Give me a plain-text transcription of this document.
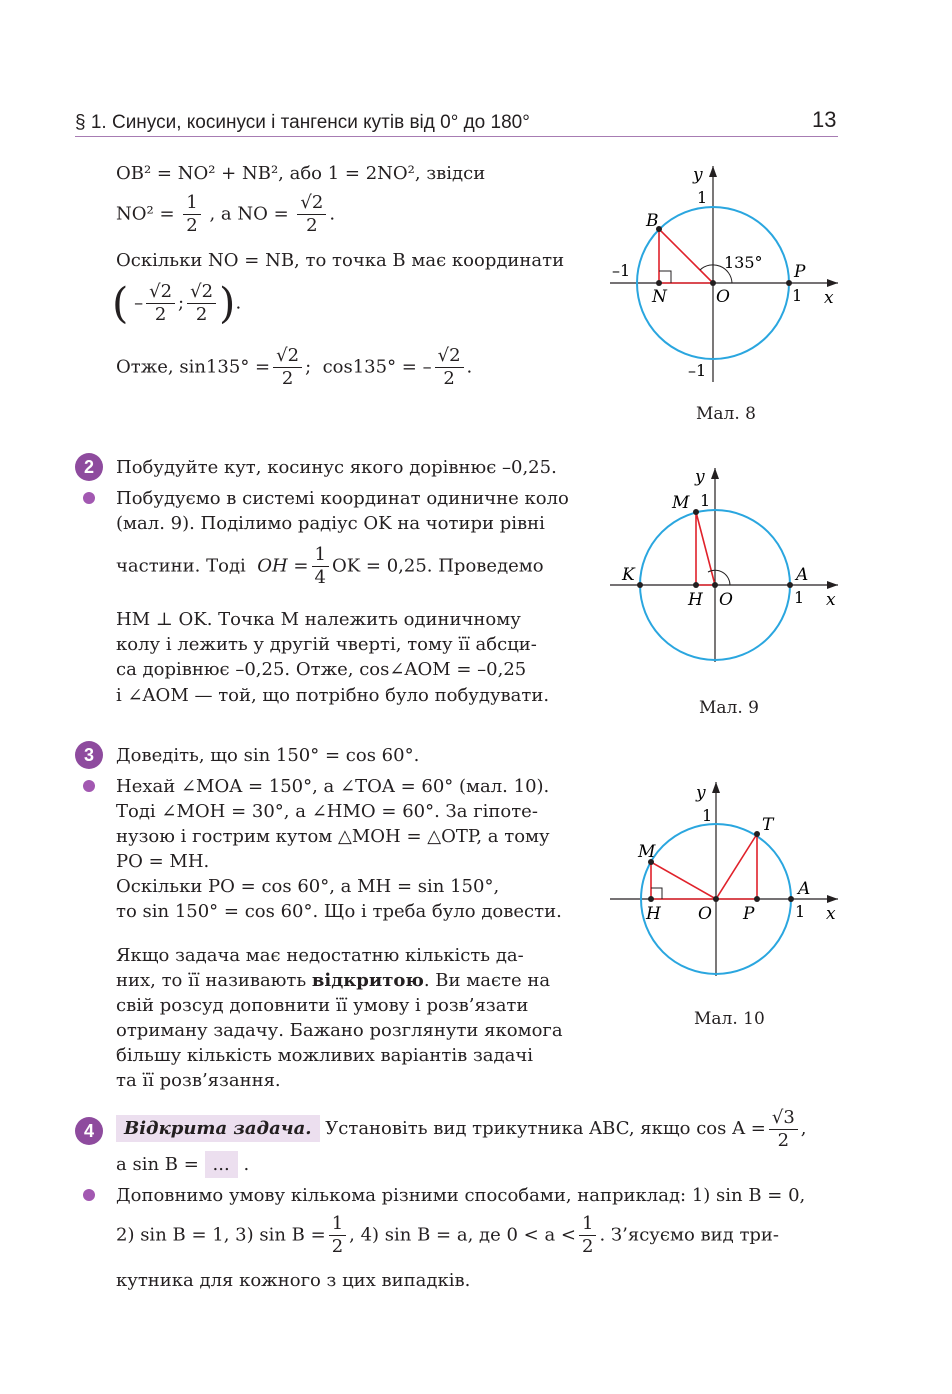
§ 1. Синуси, косинуси і тангенси кутів від 0° до 180°	13
OB² = NO² + NB², або 1 = 2NO², звідси
$NO^2 = \frac{1}{2}$ , а NO = $\frac{√2}{2}$ .
Оскільки NO = NB, то точка B має координати
( – $\frac{√2}{2}$ ; $\frac{√2}{2}$ ).
Отже, $\sin 135^\circ = \frac{√2}{2}$ ;  cos135° = – $\frac{√2}{2}$ .
y
x
1
–1
–1
1
B
N	O
P
135°
Мал. 8
2	Побудуйте кут, косинус якого дорівнює –0,25.
Побудуємо в системі координат одиничне коло
(мал. 9). Поділимо радіус OK на чотири рівні
частини. Тоді OH = $\frac{1}{4}$ OK = 0,25. Проведемо
HM ⊥ OK. Точка M належить одиничному
колу і лежить у другій чверті, тому її абсци-
са дорівнює –0,25. Отже, cos∠AOM = –0,25
і ∠AOM — той, що потрібно було побудувати.
y
x
1
1
M
K
H O
A
Мал. 9
3	Доведіть, що sin 150° = cos 60°.
Нехай ∠MOA = 150°, а ∠TOA = 60° (мал. 10).
Тоді ∠MOH = 30°, а ∠HMO = 60°. За гіпоте-
нузою і гострим кутом △MOH = △OTP, а тому
PO = MH.
Оскільки PO = cos 60°, а MH = sin 150°,
то sin 150° = cos 60°. Що і треба було довести.
y
x
1
1
M
T
H O P
A
Мал. 10
Якщо задача має недостатню кількість да-
них, то її називають відкритою. Ви маєте на
свій розсуд доповнити її умову і розв’язати
отриману задачу. Бажано розглянути якомога
більшу кількість можливих варіантів задачі
та її розв’язання.
4	Відкрита задача. Установіть вид трикутника ABC, якщо $\cos A = \frac{√3}{2}$ ,
а sin B = ... .
Доповнимо умову кількома різними способами, наприклад: 1) sin B = 0,
2) sin B = 1, 3) $\sin B = \frac{1}{2}$ , 4) sin B = a, де $0 < a < \frac{1}{2}$ . З’ясуємо вид три-
кутника для кожного з цих випадків.
